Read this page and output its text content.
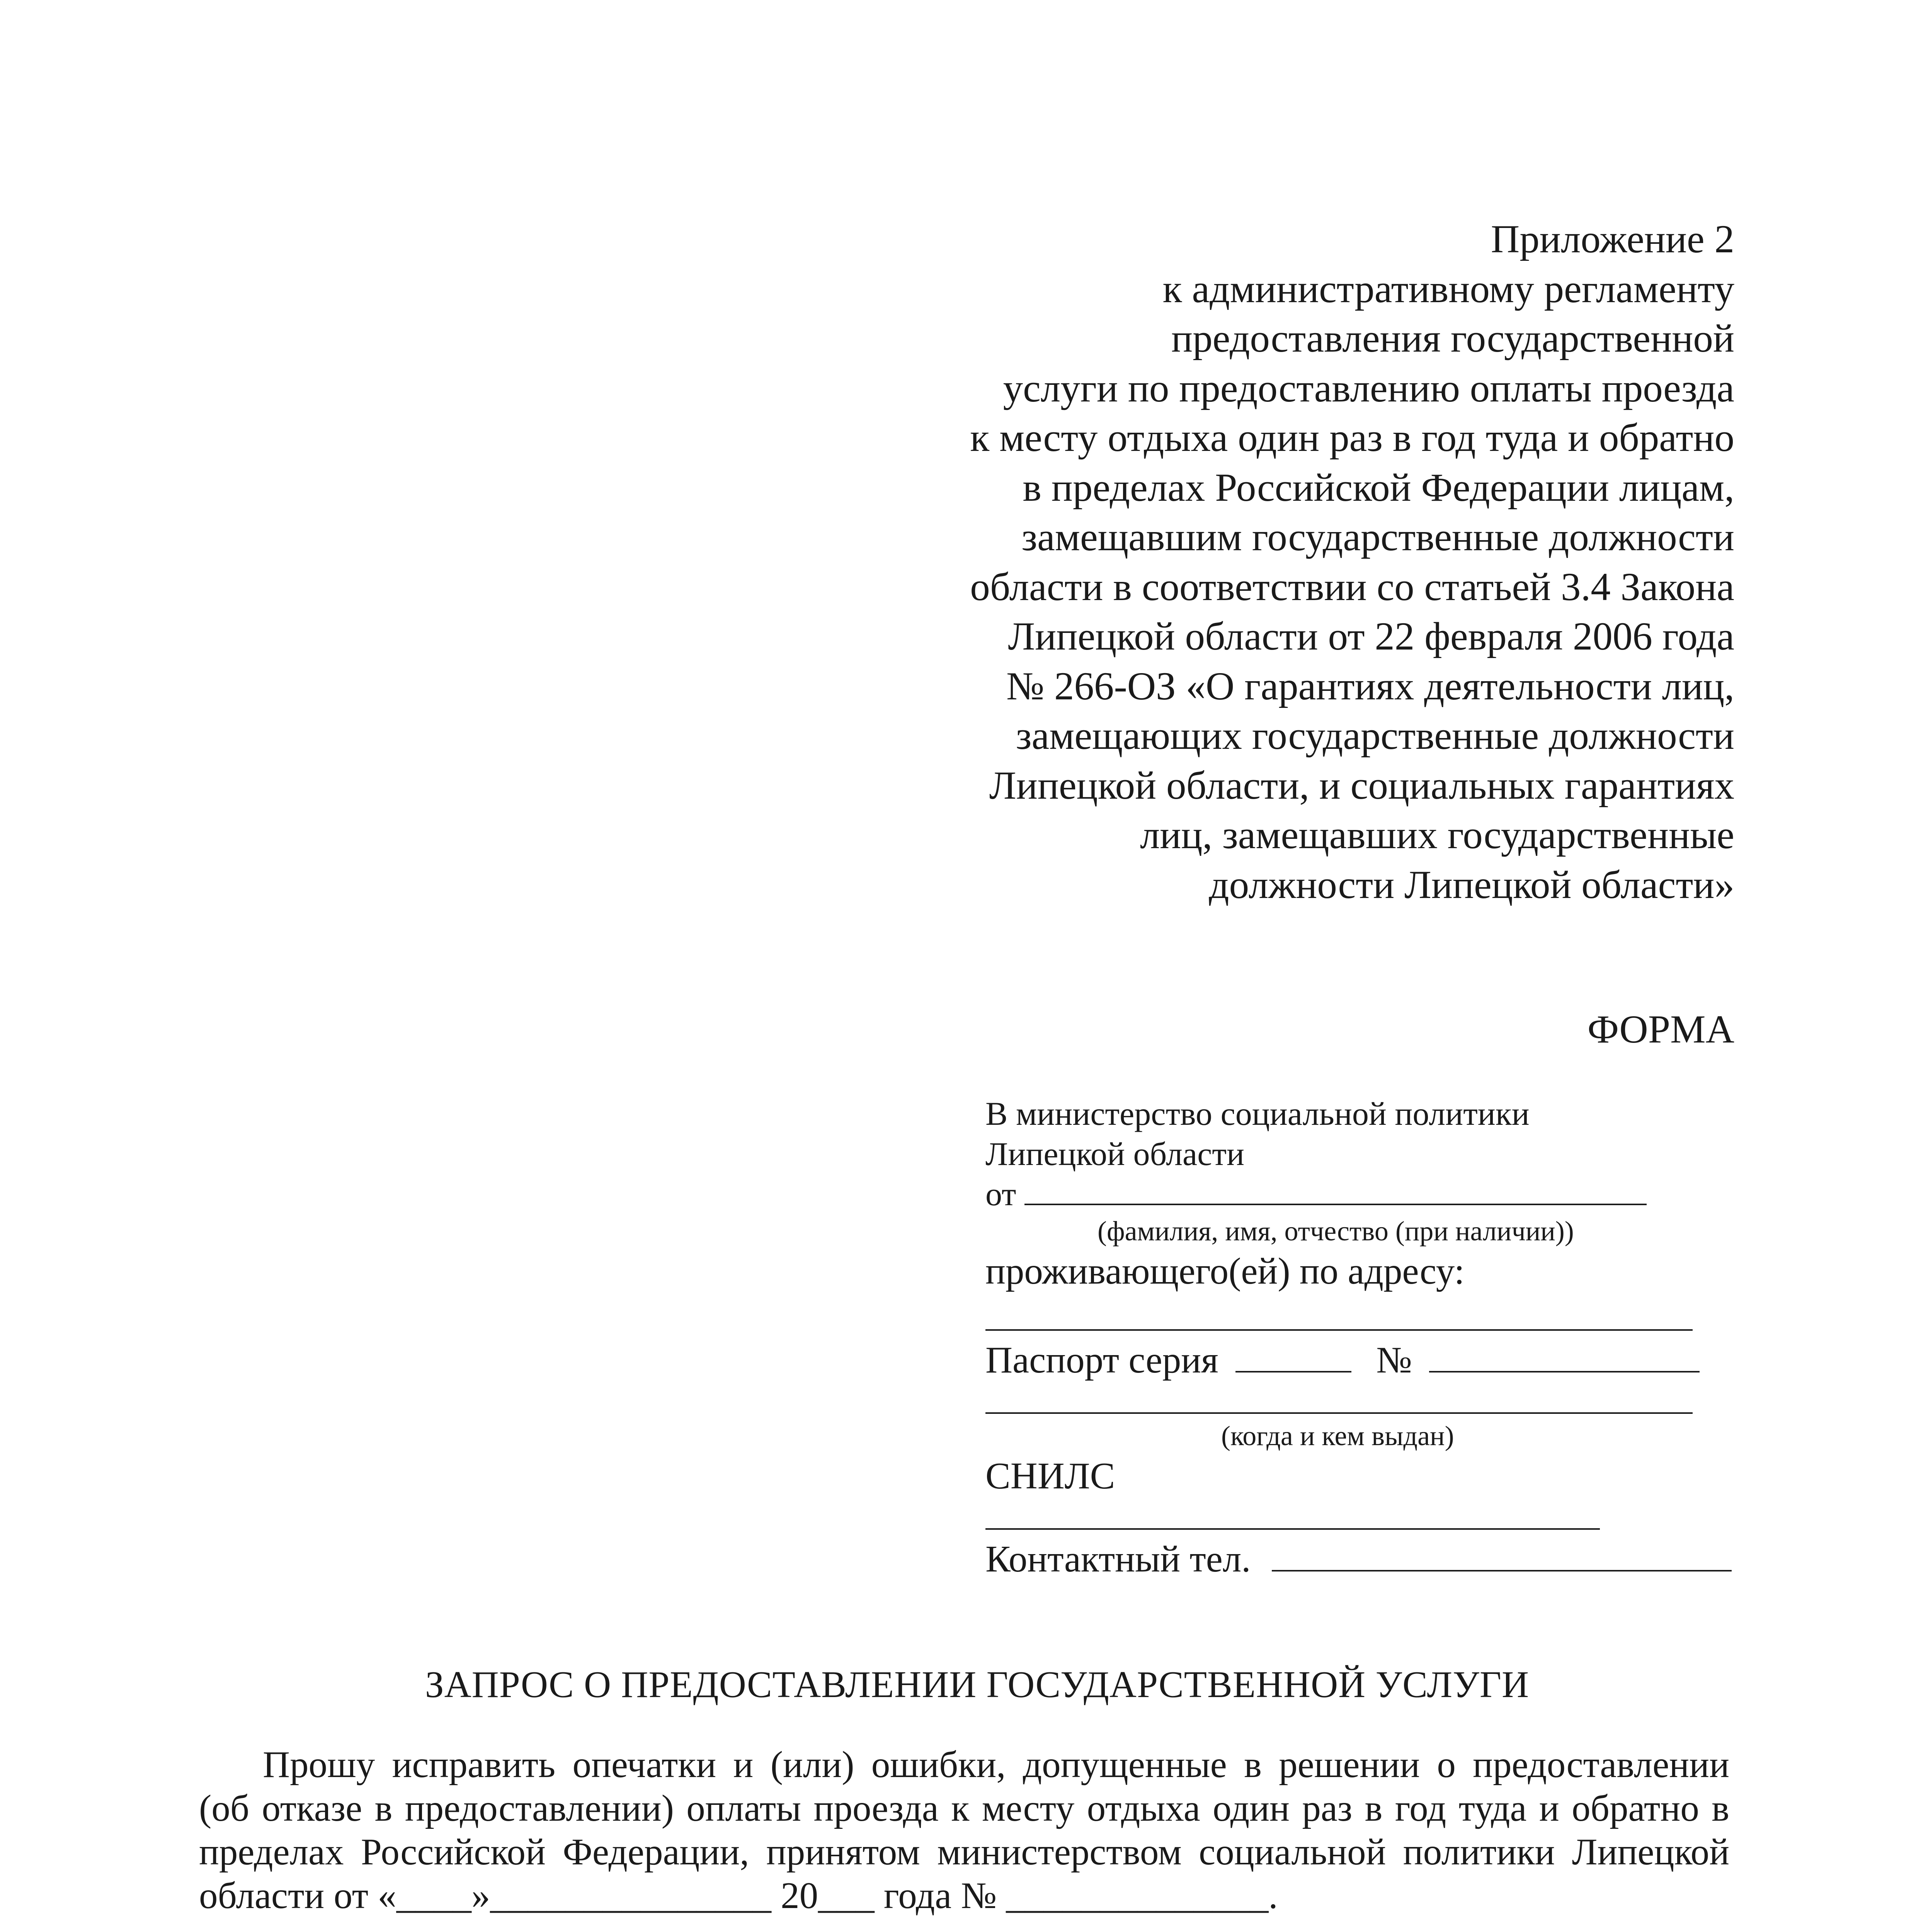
Приложение 2
к административному регламенту
предоставления государственной
услуги по предоставлению оплаты проезда
к месту отдыха один раз в год туда и обратно
в пределах Российской Федерации лицам,
замещавшим государственные должности
области в соответствии со статьей 3.4 Закона
Липецкой области от 22 февраля 2006 года
№ 266-ОЗ «О гарантиях деятельности лиц,
замещающих государственные должности
Липецкой области, и социальных гарантиях
лиц, замещавших государственные
должности Липецкой области»
ФОРМА
В министерство социальной политики
Липецкой области
от
(фамилия, имя, отчество (при наличии))
проживающего(ей) по адресу:
Паспорт серия	№
(когда и кем выдан)
СНИЛС
Контактный тел.
ЗАПРОС О ПРЕДОСТАВЛЕНИИ ГОСУДАРСТВЕННОЙ УСЛУГИ
Прошу исправить опечатки и (или) ошибки, допущенные в решении о предоставлении
(об отказе в предоставлении) оплаты проезда к месту отдыха один раз в год туда и обратно в
пределах Российской Федерации, принятом министерством социальной политики Липецкой
области от «____»_______________ 20___ года № ______________.
